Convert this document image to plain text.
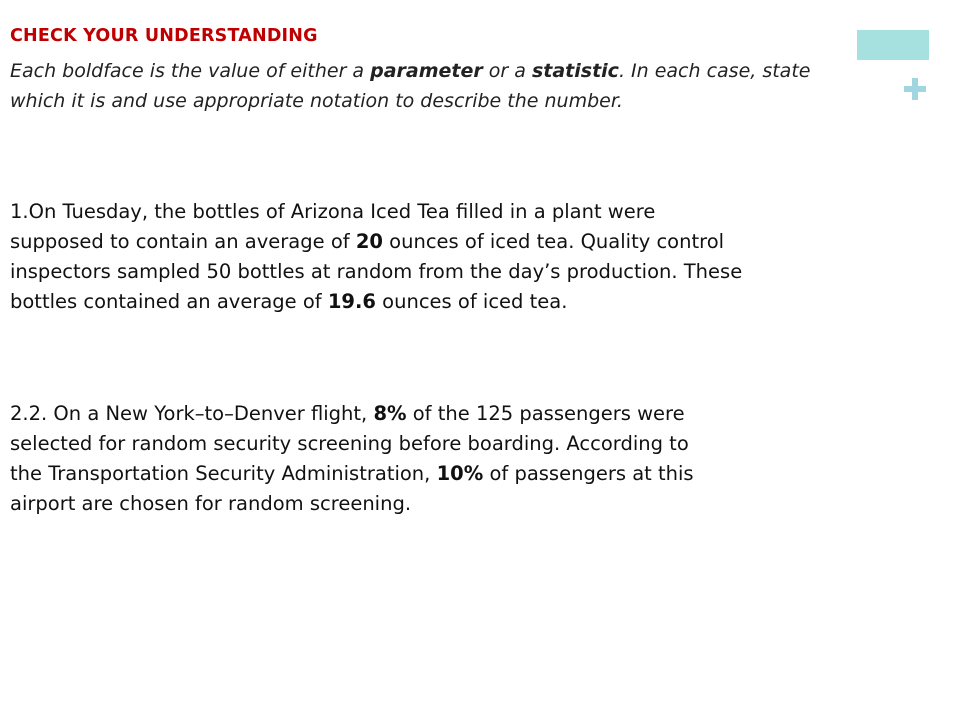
CHECK YOUR UNDERSTANDING

Each boldface is the value of either a parameter or a statistic. In each case, state which it is and use appropriate notation to describe the number.

1.On Tuesday, the bottles of Arizona Iced Tea filled in a plant were
supposed to contain an average of 20 ounces of iced tea. Quality control
inspectors sampled 50 bottles at random from the day’s production. These
bottles contained an average of 19.6 ounces of iced tea.

2.2. On a New York–to–Denver flight, 8% of the 125 passengers were
selected for random security screening before boarding. According to
the Transportation Security Administration, 10% of passengers at this
airport are chosen for random screening.
